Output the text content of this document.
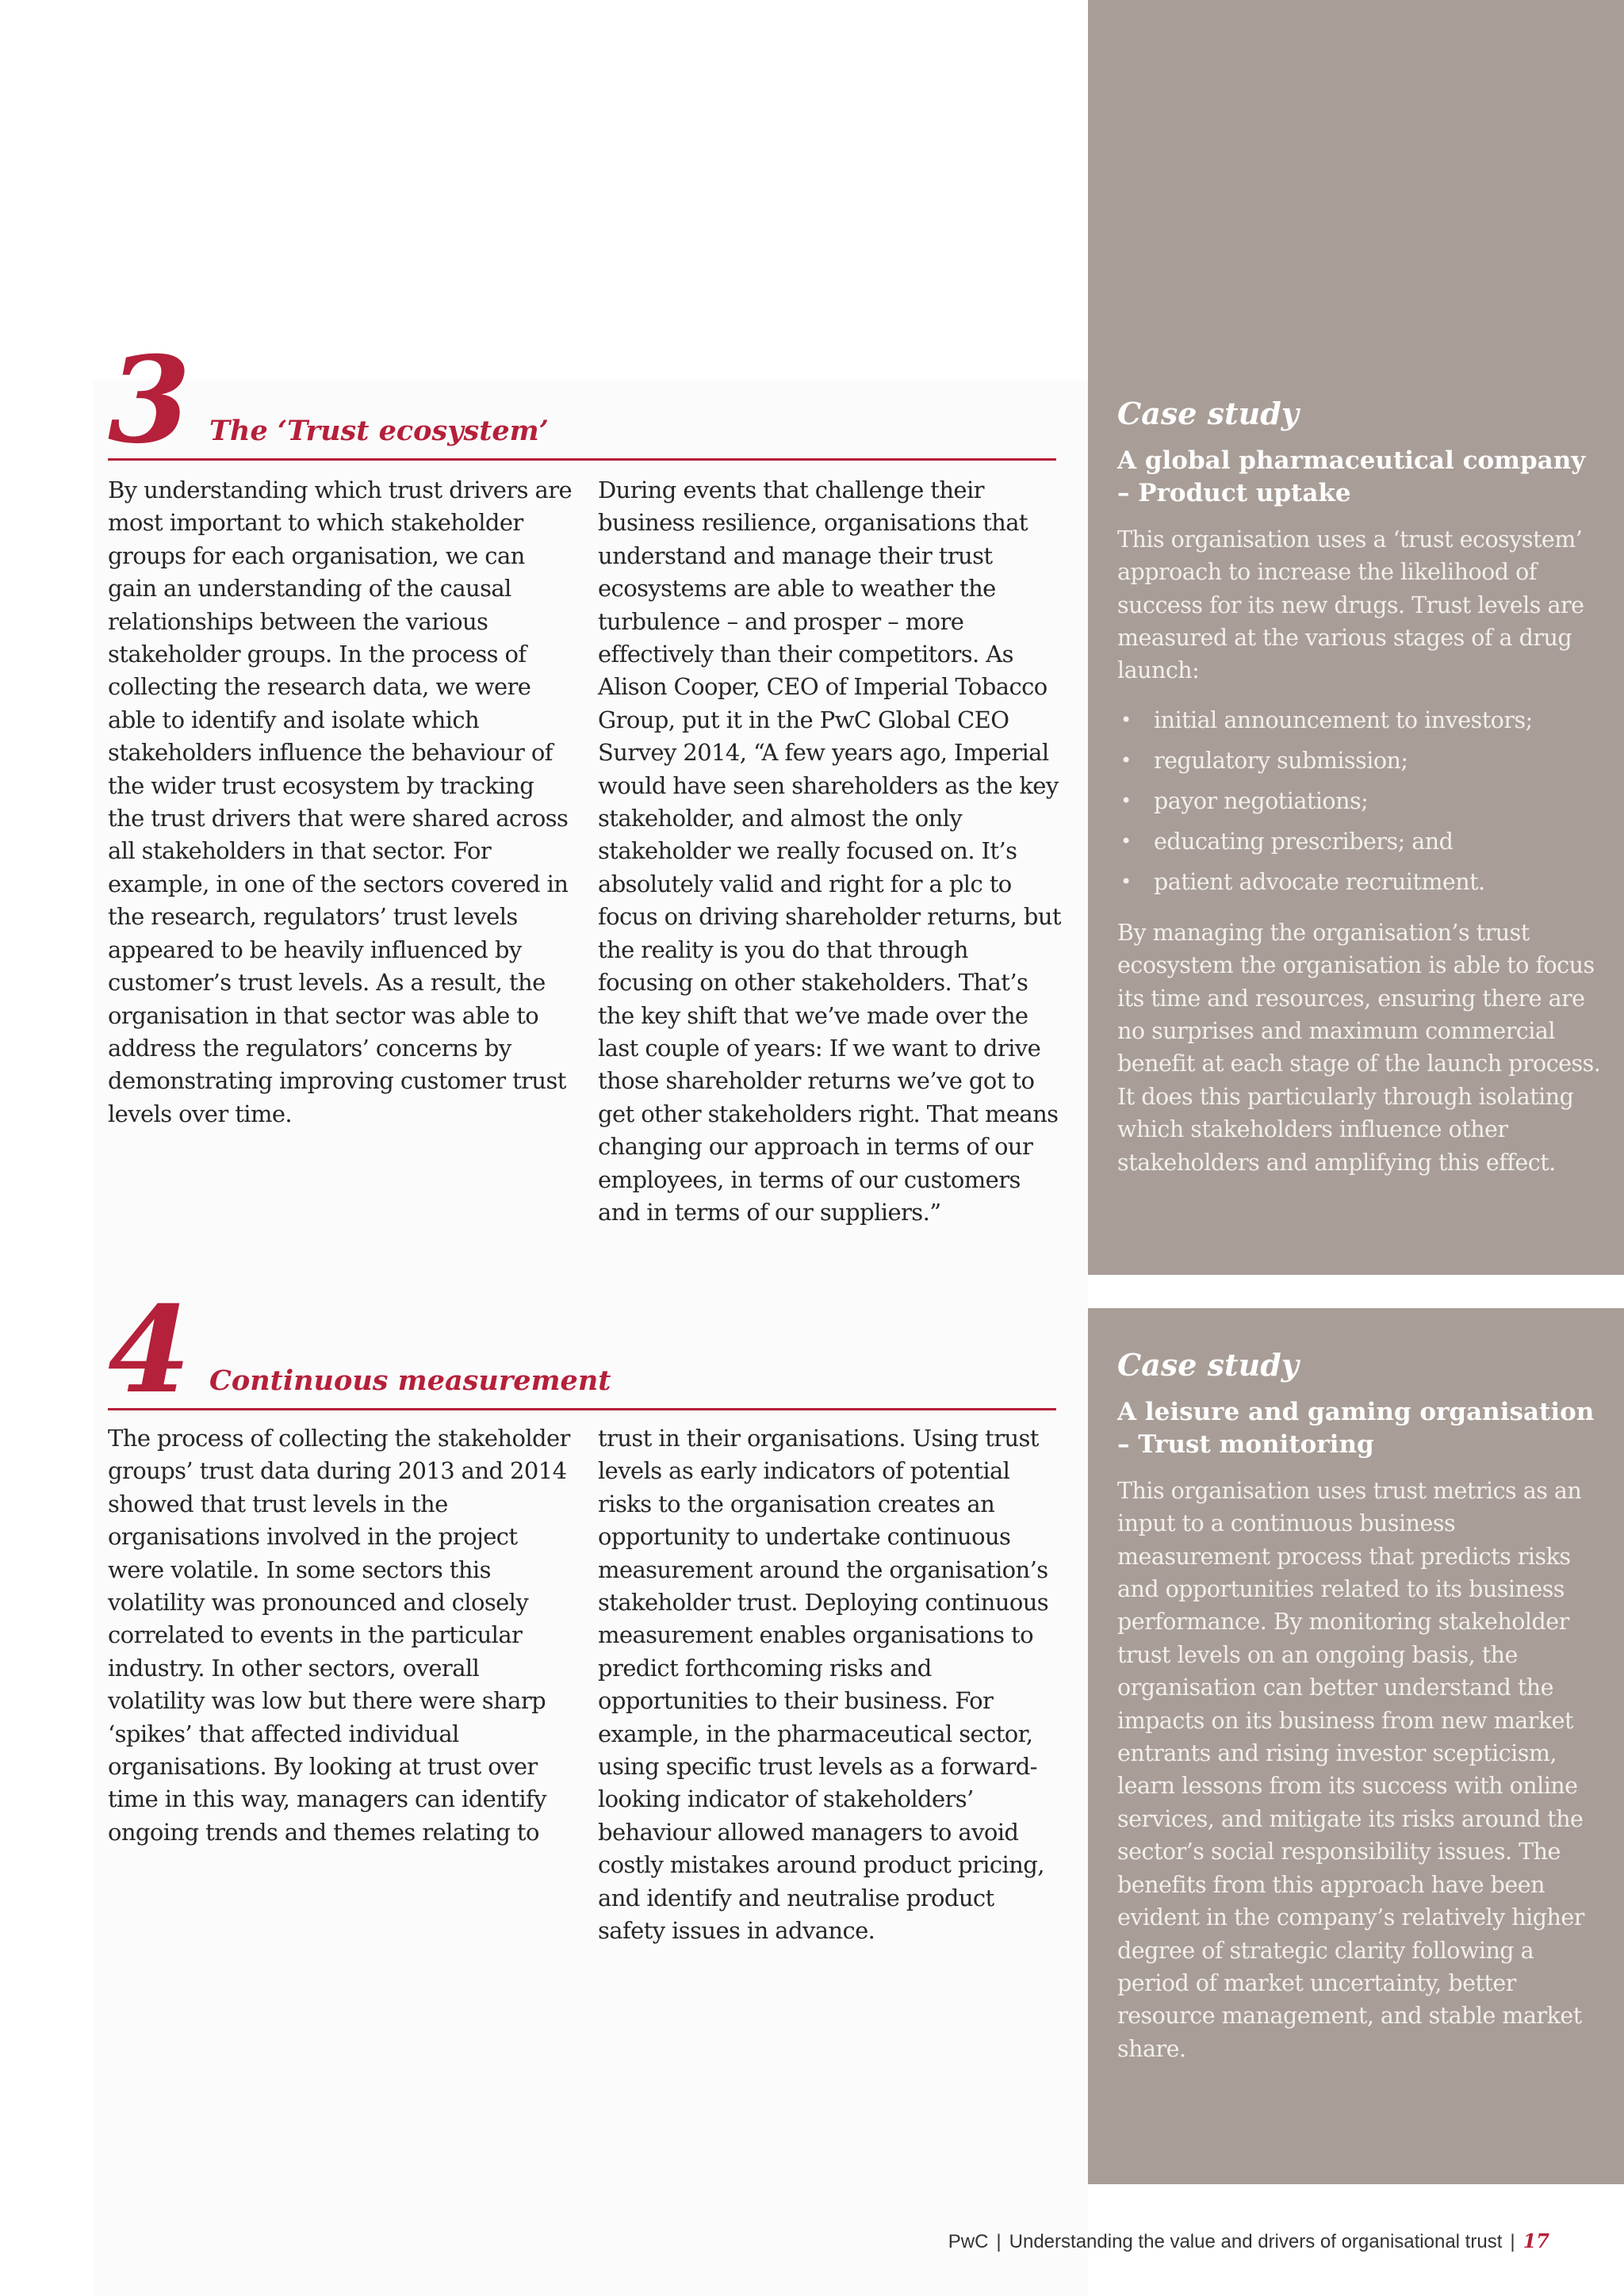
3 The ‘Trust ecosystem’
By understanding which trust drivers are most important to which stakeholder groups for each organisation, we can gain an understanding of the causal relationships between the various stakeholder groups. In the process of collecting the research data, we were able to identify and isolate which stakeholders influence the behaviour of the wider trust ecosystem by tracking the trust drivers that were shared across all stakeholders in that sector. For example, in one of the sectors covered in the research, regulators’ trust levels appeared to be heavily influenced by customer’s trust levels. As a result, the organisation in that sector was able to address the regulators’ concerns by demonstrating improving customer trust levels over time.
During events that challenge their business resilience, organisations that understand and manage their trust ecosystems are able to weather the turbulence – and prosper – more effectively than their competitors. As Alison Cooper, CEO of Imperial Tobacco Group, put it in the PwC Global CEO Survey 2014, “A few years ago, Imperial would have seen shareholders as the key stakeholder, and almost the only stakeholder we really focused on. It’s absolutely valid and right for a plc to focus on driving shareholder returns, but the reality is you do that through focusing on other stakeholders. That’s the key shift that we’ve made over the last couple of years: If we want to drive those shareholder returns we’ve got to get other stakeholders right. That means changing our approach in terms of our employees, in terms of our customers and in terms of our suppliers.”
4 Continuous measurement
The process of collecting the stakeholder groups’ trust data during 2013 and 2014 showed that trust levels in the organisations involved in the project were volatile. In some sectors this volatility was pronounced and closely correlated to events in the particular industry. In other sectors, overall volatility was low but there were sharp ‘spikes’ that affected individual organisations. By looking at trust over time in this way, managers can identify ongoing trends and themes relating to
trust in their organisations. Using trust levels as early indicators of potential risks to the organisation creates an opportunity to undertake continuous measurement around the organisation’s stakeholder trust. Deploying continuous measurement enables organisations to predict forthcoming risks and opportunities to their business. For example, in the pharmaceutical sector, using specific trust levels as a forward-looking indicator of stakeholders’ behaviour allowed managers to avoid costly mistakes around product pricing, and identify and neutralise product safety issues in advance.
Case study
A global pharmaceutical company – Product uptake

This organisation uses a ‘trust ecosystem’ approach to increase the likelihood of success for its new drugs. Trust levels are measured at the various stages of a drug launch:

• initial announcement to investors;
• regulatory submission;
• payor negotiations;
• educating prescribers; and
• patient advocate recruitment.

By managing the organisation’s trust ecosystem the organisation is able to focus its time and resources, ensuring there are no surprises and maximum commercial benefit at each stage of the launch process. It does this particularly through isolating which stakeholders influence other stakeholders and amplifying this effect.

Case study
A leisure and gaming organisation – Trust monitoring

This organisation uses trust metrics as an input to a continuous business measurement process that predicts risks and opportunities related to its business performance. By monitoring stakeholder trust levels on an ongoing basis, the organisation can better understand the impacts on its business from new market entrants and rising investor scepticism, learn lessons from its success with online services, and mitigate its risks around the sector’s social responsibility issues. The benefits from this approach have been evident in the company’s relatively higher degree of strategic clarity following a period of market uncertainty, better resource management, and stable market share.

PwC | Understanding the value and drivers of organisational trust | 17
